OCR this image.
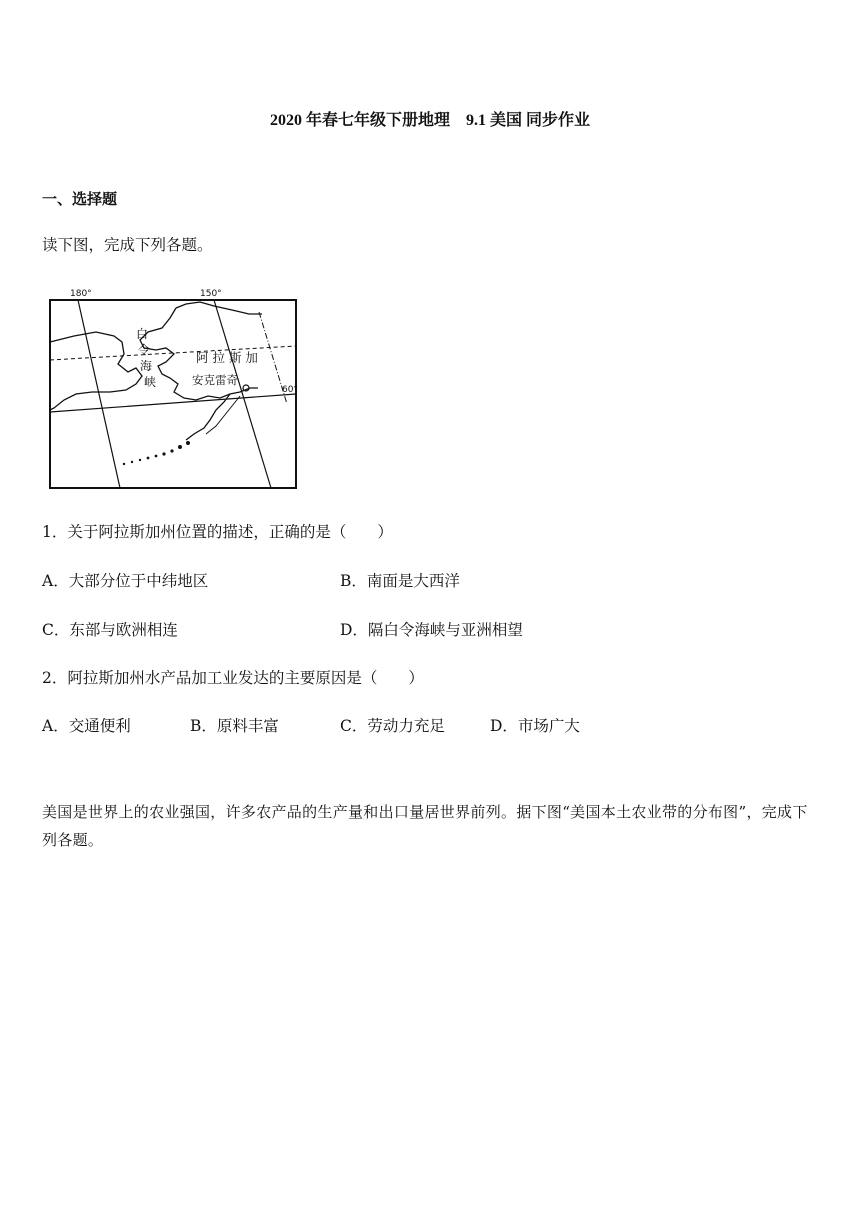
2020 年春七年级下册地理　9.1 美国 同步作业
一、选择题
读下图，完成下列各题。
180°	150°
60°
白
令
海
峡
阿 拉 斯 加
安克雷奇
1．关于阿拉斯加州位置的描述，正确的是（　　）
A．大部分位于中纬地区	B．南面是大西洋
C．东部与欧洲相连	D．隔白令海峡与亚洲相望
2．阿拉斯加州水产品加工业发达的主要原因是（　　）
A．交通便利	B．原料丰富	C．劳动力充足	D．市场广大
美国是世界上的农业强国，许多农产品的生产量和出口量居世界前列。据下图“美国本土农业带的分布图”，完成下列各题。
